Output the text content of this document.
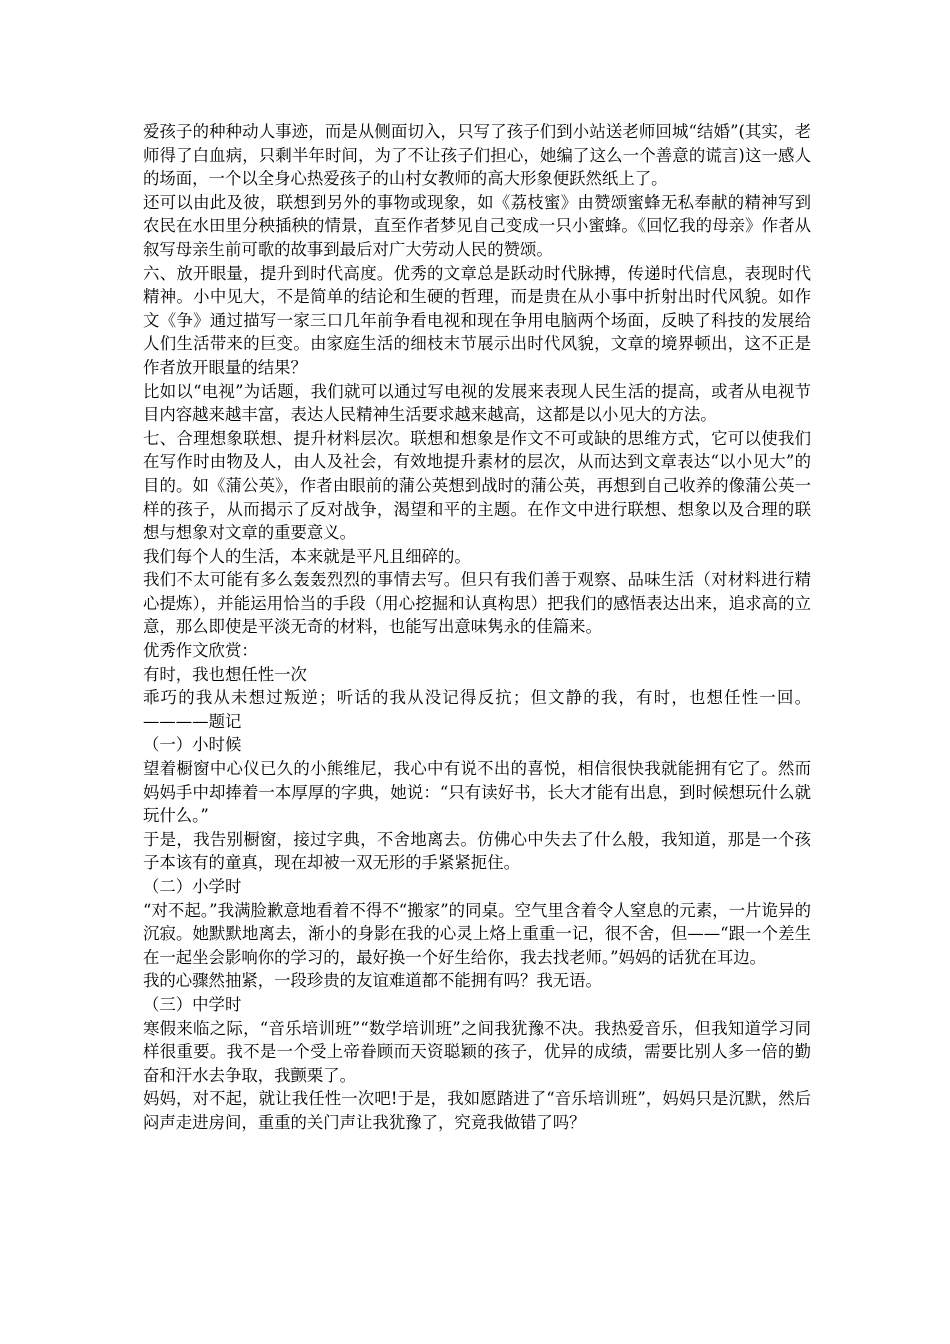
爱孩子的种种动人事迹，而是从侧面切入，只写了孩子们到小站送老师回城“结婚”(其实，老师得了白血病，只剩半年时间，为了不让孩子们担心，她编了这么一个善意的谎言)这一感人的场面，一个以全身心热爱孩子的山村女教师的高大形象便跃然纸上了。

还可以由此及彼，联想到另外的事物或现象，如《荔枝蜜》由赞颂蜜蜂无私奉献的精神写到农民在水田里分秧插秧的情景，直至作者梦见自己变成一只小蜜蜂。《回忆我的母亲》作者从叙写母亲生前可歌的故事到最后对广大劳动人民的赞颂。

六、放开眼量，提升到时代高度。优秀的文章总是跃动时代脉搏，传递时代信息，表现时代精神。小中见大，不是简单的结论和生硬的哲理，而是贵在从小事中折射出时代风貌。如作文《争》通过描写一家三口几年前争看电视和现在争用电脑两个场面，反映了科技的发展给人们生活带来的巨变。由家庭生活的细枝末节展示出时代风貌，文章的境界顿出，这不正是作者放开眼量的结果？

比如以“电视”为话题，我们就可以通过写电视的发展来表现人民生活的提高，或者从电视节目内容越来越丰富，表达人民精神生活要求越来越高，这都是以小见大的方法。

七、合理想象联想、提升材料层次。联想和想象是作文不可或缺的思维方式，它可以使我们在写作时由物及人，由人及社会，有效地提升素材的层次，从而达到文章表达“以小见大”的目的。如《蒲公英》，作者由眼前的蒲公英想到战时的蒲公英，再想到自己收养的像蒲公英一样的孩子，从而揭示了反对战争，渴望和平的主题。在作文中进行联想、想象以及合理的联想与想象对文章的重要意义。

我们每个人的生活，本来就是平凡且细碎的。

我们不太可能有多么轰轰烈烈的事情去写。但只有我们善于观察、品味生活（对材料进行精心提炼），并能运用恰当的手段（用心挖掘和认真构思）把我们的感悟表达出来，追求高的立意，那么即使是平淡无奇的材料，也能写出意味隽永的佳篇来。

优秀作文欣赏：

有时，我也想任性一次

乖巧的我从未想过叛逆；听话的我从没记得反抗；但文静的我，有时，也想任性一回。————题记

（一）小时候

望着橱窗中心仪已久的小熊维尼，我心中有说不出的喜悦，相信很快我就能拥有它了。然而妈妈手中却捧着一本厚厚的字典，她说：“只有读好书，长大才能有出息，到时候想玩什么就玩什么。”

于是，我告别橱窗，接过字典，不舍地离去。仿佛心中失去了什么般，我知道，那是一个孩子本该有的童真，现在却被一双无形的手紧紧扼住。

（二）小学时

“对不起。”我满脸歉意地看着不得不“搬家”的同桌。空气里含着令人窒息的元素，一片诡异的沉寂。她默默地离去，渐小的身影在我的心灵上烙上重重一记，很不舍，但——“跟一个差生在一起坐会影响你的学习的，最好换一个好生给你，我去找老师。”妈妈的话犹在耳边。

我的心骤然抽紧，一段珍贵的友谊难道都不能拥有吗？我无语。

（三）中学时

寒假来临之际，“音乐培训班”“数学培训班”之间我犹豫不决。我热爱音乐，但我知道学习同样很重要。我不是一个受上帝眷顾而天资聪颖的孩子，优异的成绩，需要比别人多一倍的勤奋和汗水去争取，我颤栗了。

妈妈，对不起，就让我任性一次吧!于是，我如愿踏进了“音乐培训班”，妈妈只是沉默，然后闷声走进房间，重重的关门声让我犹豫了，究竟我做错了吗？
